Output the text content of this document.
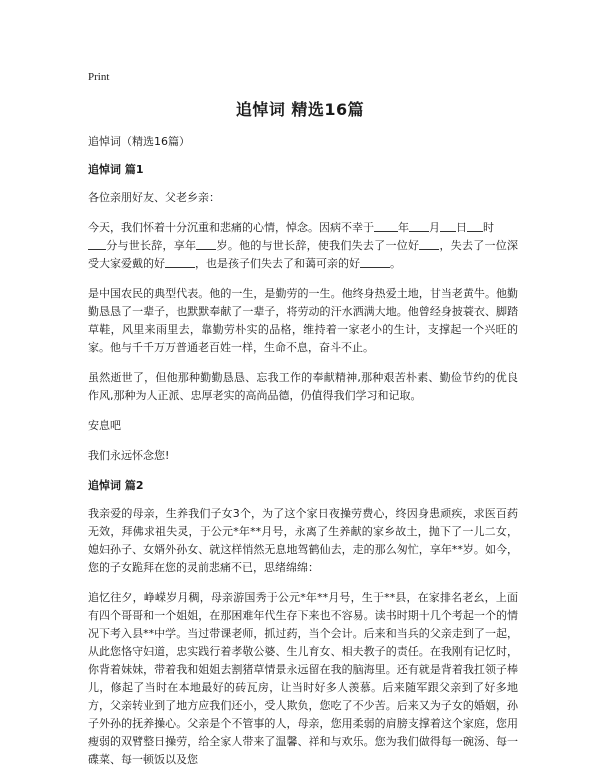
Print
追悼词 精选16篇

追悼词（精选16篇）

追悼词 篇1

各位亲朋好友、父老乡亲：

今天，我们怀着十分沉重和悲痛的心情，悼念。因病不幸于 年 月 日 时
分与世长辞，享年 岁。他的与世长辞，使我们失去了一位好 ，失去了一位深受大家爱戴的好	，也是孩子们失去了和蔼可亲的好	。

是中国农民的典型代表。他的一生，是勤劳的一生。他终身热爱土地，甘当老黄牛。他勤勤恳恳了一辈子，也默默奉献了一辈子，将劳动的汗水洒满大地。他曾经身披蓑衣、脚踏草鞋，风里来雨里去，靠勤劳朴实的品格，维持着一家老小的生计，支撑起一个兴旺的家。他与千千万万普通老百姓一样，生命不息，奋斗不止。

虽然逝世了，但他那种勤勤恳恳、忘我工作的奉献精神,那种艰苦朴素、勤俭节约的优良作风,那种为人正派、忠厚老实的高尚品德，仍值得我们学习和记取。

安息吧

我们永远怀念您!

追悼词 篇2

我亲爱的母亲，生养我们子女3个，为了这个家日夜操劳费心，终因身患顽疾，求医百药无效，拜佛求祖失灵，于公元*年**月号，永离了生养献的家乡故土，抛下了一儿二女，媳妇孙子、女婿外孙女、就这样悄然无息地驾鹤仙去，走的那么匆忙，享年**岁。如今，您的子女跪拜在您的灵前悲痛不已，思绪绵绵：

追忆往夕，峥嵘岁月稠，母亲游国秀于公元*年**月号，生于**县，在家排名老幺，上面有四个哥哥和一个姐姐，在那困难年代生存下来也不容易。读书时期十几个考起一个的情况下考入县**中学。当过带课老师，抓过药，当个会计。后来和当兵的父亲走到了一起，从此您恪守妇道，忠实践行着孝敬公婆、生儿育女、相夫教子的责任。在我刚有记忆时，你背着妹妹，带着我和姐姐去割猪草情景永远留在我的脑海里。还有就是背着我扛领子棒儿，修起了当时在本地最好的砖瓦房，让当时好多人羡慕。后来随军跟父亲到了好多地方，父亲转业到了地方应我们还小，受人欺负，您吃了不少苦。后来又为子女的婚姻，孙子外孙的抚养操心。父亲是个不管事的人，母亲，您用柔弱的肩膀支撑着这个家庭，您用瘦弱的双臂整日操劳，给全家人带来了温馨、祥和与欢乐。您为我们做得每一碗汤、每一碟菜、每一顿饭以及您
